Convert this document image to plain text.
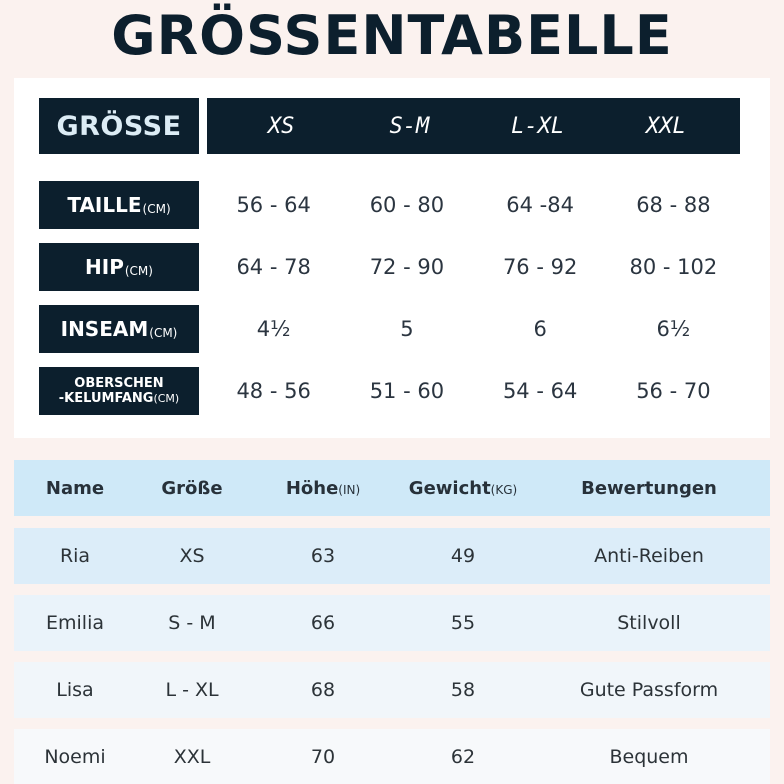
GRÖSSENTABELLE
GRÖSSE	XS	S-M	L-XL	XXL
TAILLE (CM)	56 - 64	60 - 80	64 -84	68 - 88
HIP (CM)	64 - 78	72 - 90	76 - 92	80 - 102
INSEAM (CM)	4½	5	6	6½
OBERSCHEN
-KELUMFANG(CM)	48 - 56	51 - 60	54 - 64	56 - 70
Name	Größe	Höhe(IN)	Gewicht(KG)	Bewertungen
Ria	XS	63	49	Anti-Reiben
Emilia	S - M	66	55	Stilvoll
Lisa	L - XL	68	58	Gute Passform
Noemi	XXL	70	62	Bequem
